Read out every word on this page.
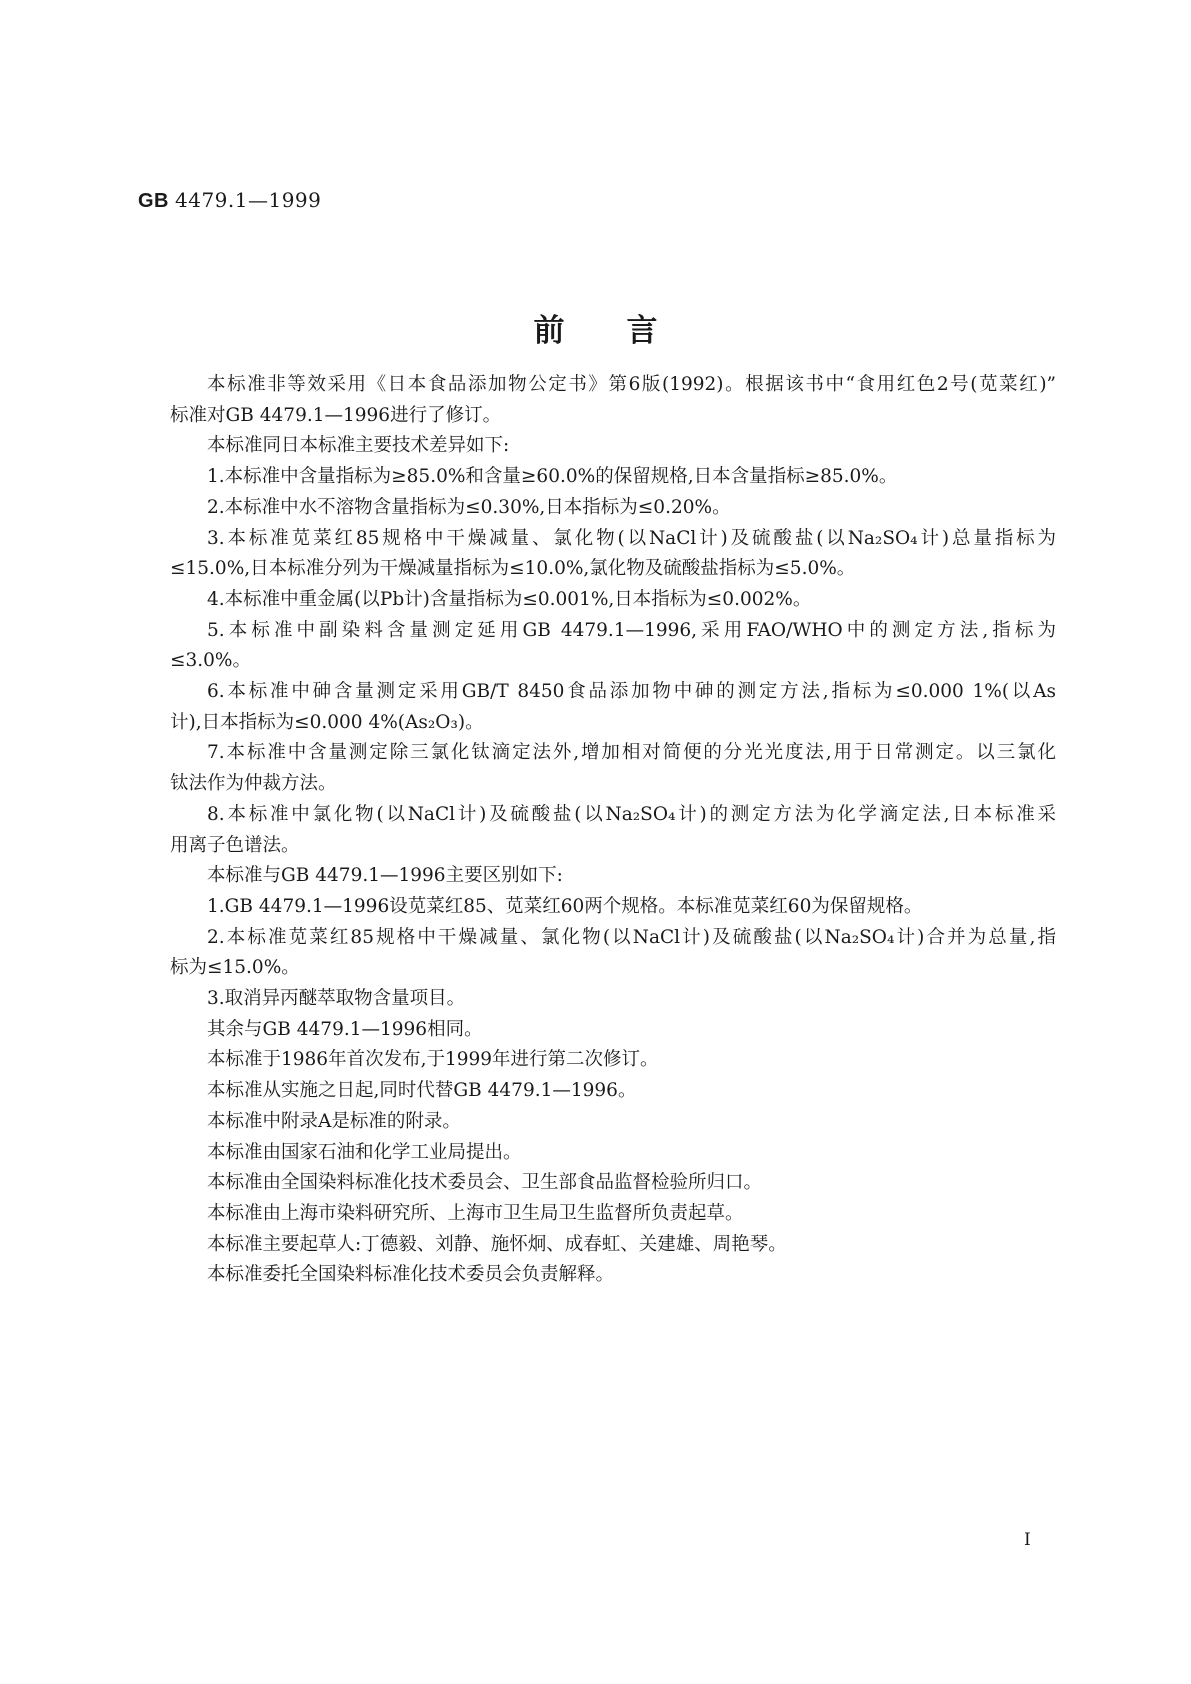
GB 4479.1—1999
前言

本标准非等效采用《日本食品添加物公定书》第6版(1992)。根据该书中“食用红色2号(苋菜红)”
标准对GB 4479.1—1996进行了修订。

本标准同日本标准主要技术差异如下:

1.本标准中含量指标为≥85.0%和含量≥60.0%的保留规格,日本含量指标≥85.0%。

2.本标准中水不溶物含量指标为≤0.30%,日本指标为≤0.20%。

3.本标准苋菜红85规格中干燥减量、氯化物(以NaCl计)及硫酸盐(以Na₂SO₄计)总量指标为
≤15.0%,日本标准分列为干燥减量指标为≤10.0%,氯化物及硫酸盐指标为≤5.0%。

4.本标准中重金属(以Pb计)含量指标为≤0.001%,日本指标为≤0.002%。

5.本标准中副染料含量测定延用GB 4479.1—1996,采用FAO/WHO中的测定方法,指标为
≤3.0%。

6.本标准中砷含量测定采用GB/T 8450食品添加物中砷的测定方法,指标为≤0.000 1%(以As
计),日本指标为≤0.000 4%(As₂O₃)。

7.本标准中含量测定除三氯化钛滴定法外,增加相对简便的分光光度法,用于日常测定。以三氯化
钛法作为仲裁方法。

8.本标准中氯化物(以NaCl计)及硫酸盐(以Na₂SO₄计)的测定方法为化学滴定法,日本标准采
用离子色谱法。

本标准与GB 4479.1—1996主要区别如下:

1.GB 4479.1—1996设苋菜红85、苋菜红60两个规格。本标准苋菜红60为保留规格。

2.本标准苋菜红85规格中干燥减量、氯化物(以NaCl计)及硫酸盐(以Na₂SO₄计)合并为总量,指
标为≤15.0%。

3.取消异丙醚萃取物含量项目。

其余与GB 4479.1—1996相同。

本标准于1986年首次发布,于1999年进行第二次修订。

本标准从实施之日起,同时代替GB 4479.1—1996。

本标准中附录A是标准的附录。

本标准由国家石油和化学工业局提出。

本标准由全国染料标准化技术委员会、卫生部食品监督检验所归口。

本标准由上海市染料研究所、上海市卫生局卫生监督所负责起草。

本标准主要起草人:丁德毅、刘静、施怀炯、成春虹、关建雄、周艳琴。

本标准委托全国染料标准化技术委员会负责解释。

I
